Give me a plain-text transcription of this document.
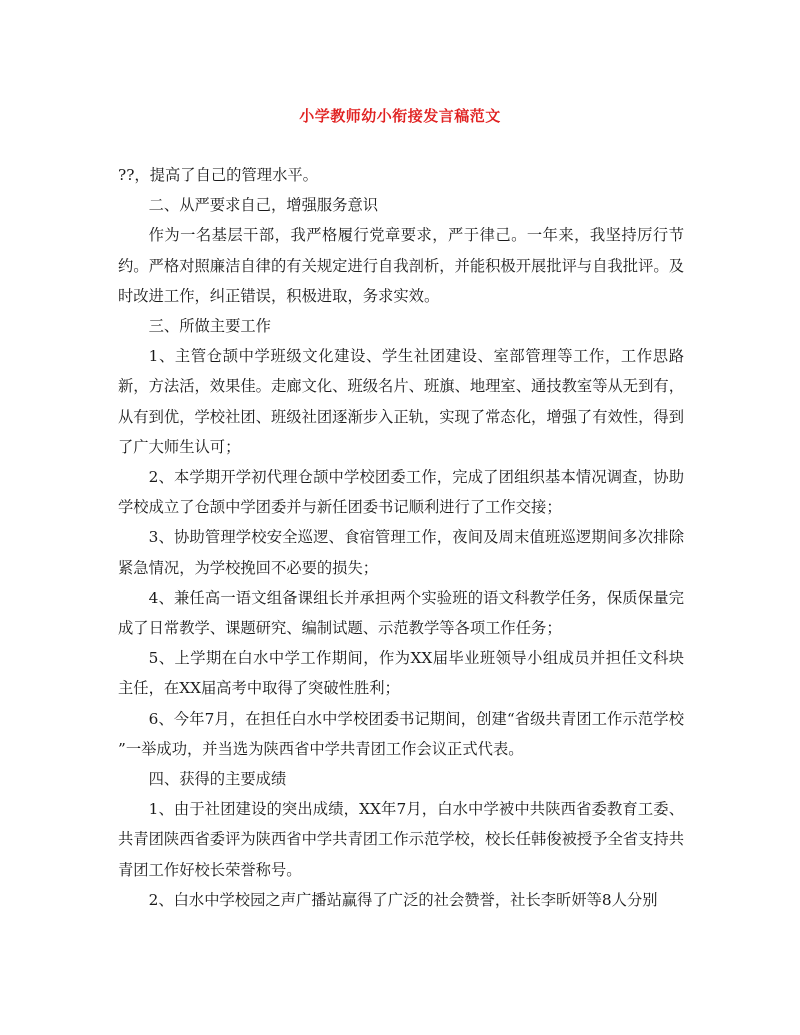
小学教师幼小衔接发言稿范文

??，提高了自己的管理水平。

二、从严要求自己，增强服务意识

作为一名基层干部，我严格履行党章要求，严于律己。一年来，我坚持厉行节约。严格对照廉洁自律的有关规定进行自我剖析，并能积极开展批评与自我批评。及时改进工作，纠正错误，积极进取，务求实效。

三、所做主要工作

1、主管仓颉中学班级文化建设、学生社团建设、室部管理等工作，工作思路新，方法活，效果佳。走廊文化、班级名片、班旗、地理室、通技教室等从无到有，从有到优，学校社团、班级社团逐渐步入正轨，实现了常态化，增强了有效性，得到了广大师生认可；

2、本学期开学初代理仓颉中学校团委工作，完成了团组织基本情况调查，协助学校成立了仓颉中学团委并与新任团委书记顺利进行了工作交接；

3、协助管理学校安全巡逻、食宿管理工作，夜间及周末值班巡逻期间多次排除紧急情况，为学校挽回不必要的损失；

4、兼任高一语文组备课组长并承担两个实验班的语文科教学任务，保质保量完成了日常教学、课题研究、编制试题、示范教学等各项工作任务；

5、上学期在白水中学工作期间，作为XX届毕业班领导小组成员并担任文科块主任，在XX届高考中取得了突破性胜利；

6、今年7月，在担任白水中学校团委书记期间，创建“省级共青团工作示范学校 ”一举成功，并当选为陕西省中学共青团工作会议正式代表。

四、获得的主要成绩

1、由于社团建设的突出成绩，XX年7月，白水中学被中共陕西省委教育工委、共青团陕西省委评为陕西省中学共青团工作示范学校，校长任韩俊被授予全省支持共青团工作好校长荣誉称号。

2、白水中学校园之声广播站赢得了广泛的社会赞誉，社长李昕妍等8人分别
